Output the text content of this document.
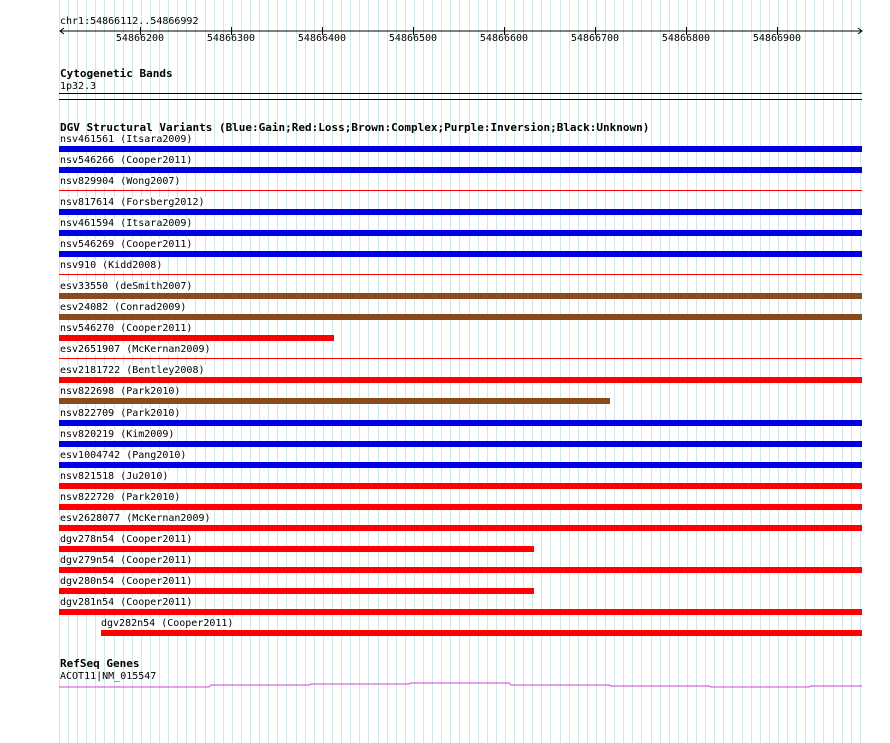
chr1:54866112..54866992
54866200	54866300	54866400	54866500	54866600	54866700	54866800	54866900
Cytogenetic Bands
1p32.3
DGV Structural Variants (Blue:Gain;Red:Loss;Brown:Complex;Purple:Inversion;Black:Unknown)
nsv461561 (Itsara2009)
nsv546266 (Cooper2011)
nsv829904 (Wong2007)
nsv817614 (Forsberg2012)
nsv461594 (Itsara2009)
nsv546269 (Cooper2011)
nsv910 (Kidd2008)
esv33550 (deSmith2007)
esv24082 (Conrad2009)
nsv546270 (Cooper2011)
esv2651907 (McKernan2009)
esv2181722 (Bentley2008)
nsv822698 (Park2010)
nsv822709 (Park2010)
nsv820219 (Kim2009)
esv1004742 (Pang2010)
nsv821518 (Ju2010)
nsv822720 (Park2010)
esv2628077 (McKernan2009)
dgv278n54 (Cooper2011)
dgv279n54 (Cooper2011)
dgv280n54 (Cooper2011)
dgv281n54 (Cooper2011)
dgv282n54 (Cooper2011)
RefSeq Genes
ACOT11|NM_015547
